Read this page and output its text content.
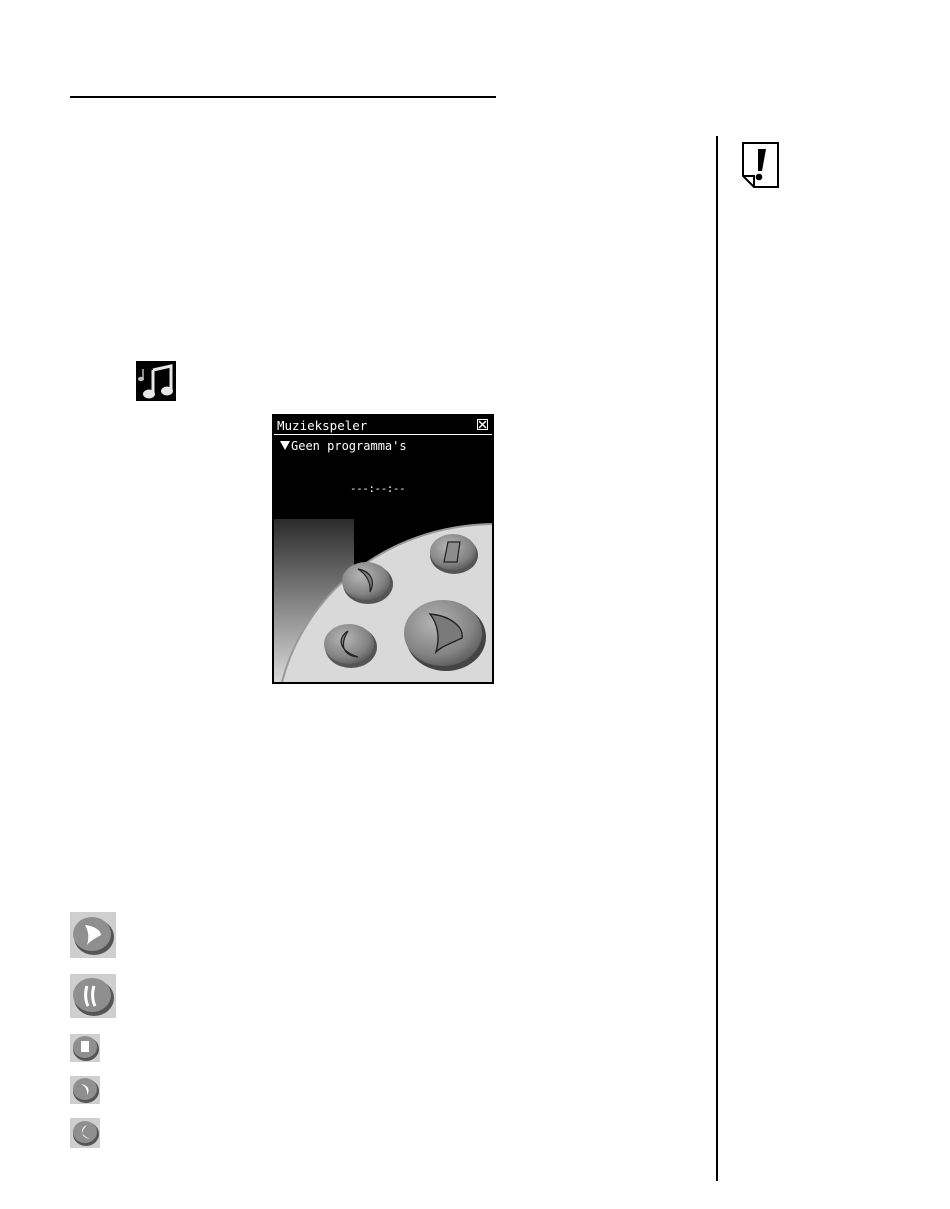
Muziekspeler
Geen programma's
---:--:--
